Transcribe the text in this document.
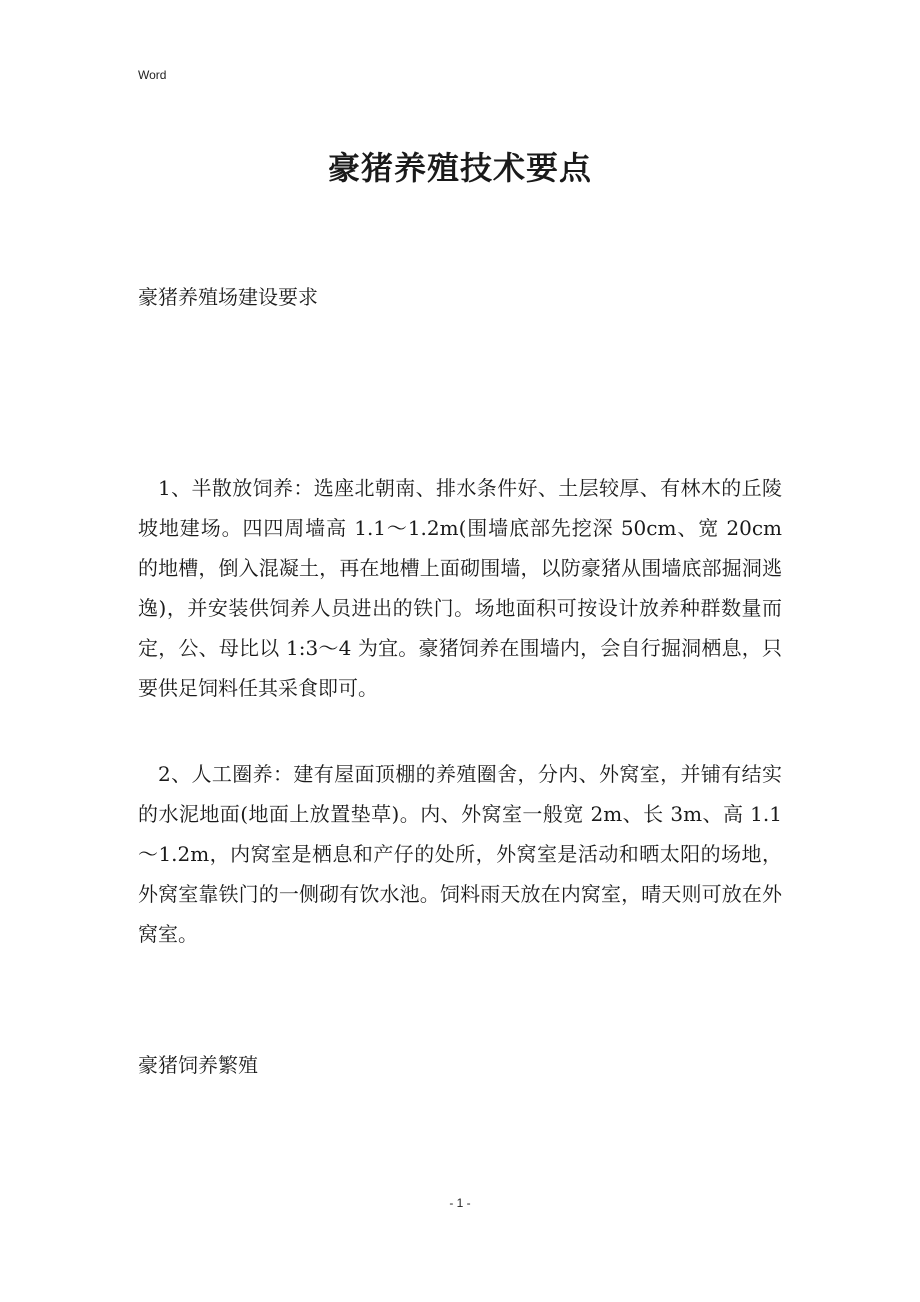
Word
豪猪养殖技术要点

豪猪养殖场建设要求

1、半散放饲养：选座北朝南、排水条件好、土层较厚、有林木的丘陵坡地建场。四四周墙高 1.1～1.2m(围墙底部先挖深 50cm、宽 20cm 的地槽，倒入混凝土，再在地槽上面砌围墙，以防豪猪从围墙底部掘洞逃逸)，并安装供饲养人员进出的铁门。场地面积可按设计放养种群数量而定，公、母比以 1:3～4 为宜。豪猪饲养在围墙内，会自行掘洞栖息，只要供足饲料任其采食即可。

2、人工圈养：建有屋面顶棚的养殖圈舍，分内、外窝室，并铺有结实的水泥地面(地面上放置垫草)。内、外窝室一般宽 2m、长 3m、高 1.1～1.2m，内窝室是栖息和产仔的处所，外窝室是活动和晒太阳的场地，外窝室靠铁门的一侧砌有饮水池。饲料雨天放在内窝室，晴天则可放在外窝室。

豪猪饲养繁殖

- 1 -
